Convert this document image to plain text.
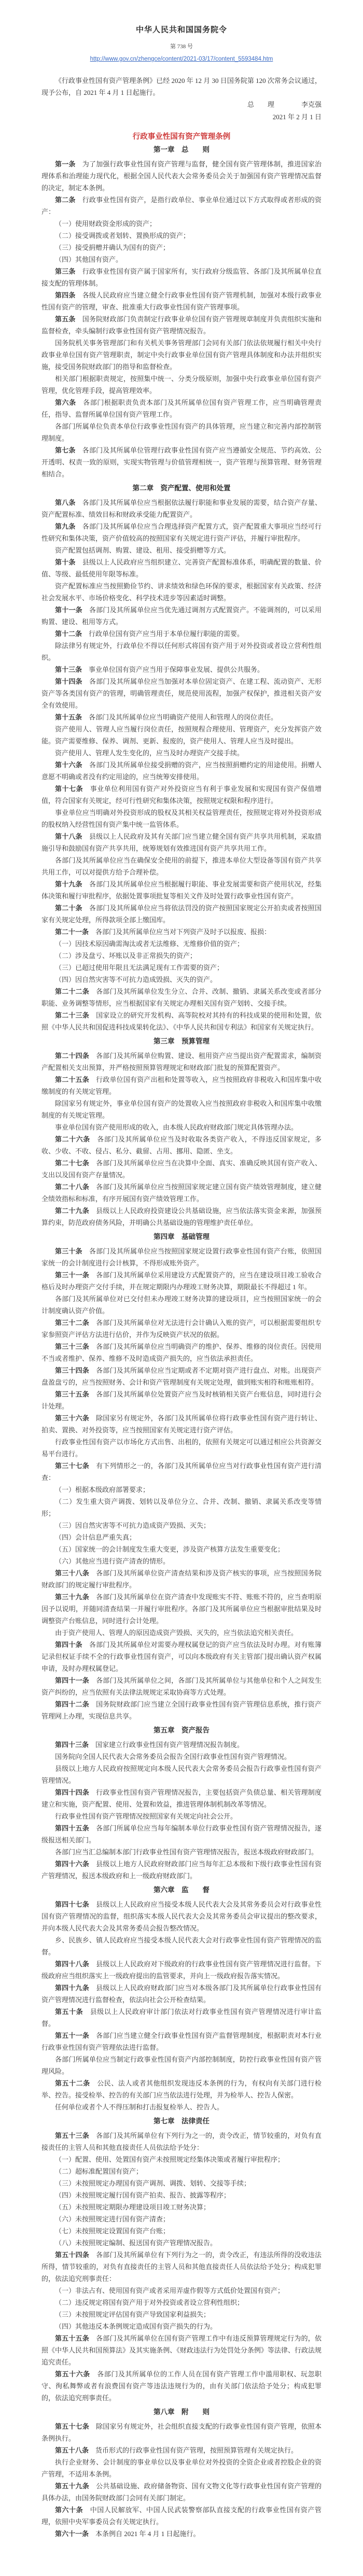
中华人民共和国国务院令
第 738 号
http://www.gov.cn/zhengce/content/2021-03/17/content_5593484.htm

《行政事业性国有资产管理条例》已经 2020 年 12 月 30 日国务院第 120 次常务会议通过，现予公布，自 2021 年 4 月 1 日起施行。

总　　理　　　　李克强

2021 年 2 月 1 日

行政事业性国有资产管理条例
第一章　总　　则

第一条　为了加强行政事业性国有资产管理与监督，健全国有资产管理体制，推进国家治理体系和治理能力现代化，根据全国人民代表大会常务委员会关于加强国有资产管理情况监督的决定，制定本条例。

第二条　行政事业性国有资产，是指行政单位、事业单位通过以下方式取得或者形成的资产：

（一）使用财政资金形成的资产；

（二）接受调拨或者划转、置换形成的资产；

（三）接受捐赠并确认为国有的资产；

（四）其他国有资产。

第三条　行政事业性国有资产属于国家所有，实行政府分级监管、各部门及其所属单位直接支配的管理体制。

第四条　各级人民政府应当建立健全行政事业性国有资产管理机制，加强对本级行政事业性国有资产的管理，审查、批准重大行政事业性国有资产管理事项。

第五条　国务院财政部门负责制定行政事业单位国有资产管理规章制度并负责组织实施和监督检查，牵头编制行政事业性国有资产管理情况报告。

国务院机关事务管理部门和有关机关事务管理部门会同有关部门依法依规履行相关中央行政事业单位国有资产管理职责，制定中央行政事业单位国有资产管理具体制度和办法并组织实施，接受国务院财政部门的指导和监督检查。

相关部门根据职责规定，按照集中统一、分类分级原则，加强中央行政事业单位国有资产管理，优化管理手段，提高管理效率。

第六条　各部门根据职责负责本部门及其所属单位国有资产管理工作，应当明确管理责任，指导、监督所属单位国有资产管理工作。

各部门所属单位负责本单位行政事业性国有资产的具体管理，应当建立和完善内部控制管理制度。

第七条　各部门及其所属单位管理行政事业性国有资产应当遵循安全规范、节约高效、公开透明、权责一致的原则，实现实物管理与价值管理相统一，资产管理与预算管理、财务管理相结合。

第二章　资产配置、使用和处置

第八条　各部门及其所属单位应当根据依法履行职能和事业发展的需要，结合资产存量、资产配置标准、绩效目标和财政承受能力配置资产。

第九条　各部门及其所属单位应当合理选择资产配置方式，资产配置重大事项应当经可行性研究和集体决策，资产价值较高的按照国家有关规定进行资产评估，并履行审批程序。

资产配置包括调剂、购置、建设、租用、接受捐赠等方式。

第十条　县级以上人民政府应当组织建立、完善资产配置标准体系，明确配置的数量、价值、等级、最低使用年限等标准。

资产配置标准应当按照勤俭节约、讲求绩效和绿色环保的要求，根据国家有关政策、经济社会发展水平、市场价格变化、科学技术进步等因素适时调整。

第十一条　各部门及其所属单位应当优先通过调剂方式配置资产。不能调剂的，可以采用购置、建设、租用等方式。

第十二条　行政单位国有资产应当用于本单位履行职能的需要。

除法律另有规定外，行政单位不得以任何形式将国有资产用于对外投资或者设立营利性组织。

第十三条　事业单位国有资产应当用于保障事业发展、提供公共服务。

第十四条　各部门及其所属单位应当加强对本单位固定资产、在建工程、流动资产、无形资产等各类国有资产的管理，明确管理责任，规范使用流程，加强产权保护，推进相关资产安全有效使用。

第十五条　各部门及其所属单位应当明确资产使用人和管理人的岗位责任。

资产使用人、管理人应当履行岗位责任，按照规程合理使用、管理资产，充分发挥资产效能。资产需要维修、保养、调剂、更新、报废的，资产使用人、管理人应当及时提出。

资产使用人、管理人发生变化的，应当及时办理资产交接手续。

第十六条　各部门及其所属单位接受捐赠的资产，应当按照捐赠约定的用途使用。捐赠人意愿不明确或者没有约定用途的，应当统筹安排使用。

第十七条　事业单位利用国有资产对外投资应当有利于事业发展和实现国有资产保值增值，符合国家有关规定，经可行性研究和集体决策，按照规定权限和程序进行。

事业单位应当明确对外投资形成的股权及其相关权益管理责任，按照规定将对外投资形成的股权纳入经营性国有资产集中统一监管体系。

第十八条　县级以上人民政府及其有关部门应当建立健全国有资产共享共用机制，采取措施引导和鼓励国有资产共享共用，统筹规划有效推进国有资产共享共用工作。

各部门及其所属单位应当在确保安全使用的前提下，推进本单位大型设备等国有资产共享共用工作，可以对提供方给予合理补偿。

第十九条　各部门及其所属单位应当根据履行职能、事业发展需要和资产使用状况，经集体决策和履行审批程序，依据处置事项批复等相关文件及时处置行政事业性国有资产。

第二十条　各部门及其所属单位应当将依法罚没的资产按照国家规定公开拍卖或者按照国家有关规定处理，所得款项全部上缴国库。

第二十一条　各部门及其所属单位应当对下列资产及时予以报废、报损：

（一）因技术原因确需淘汰或者无法维修、无维修价值的资产；

（二）涉及盘亏、坏账以及非正常损失的资产；

（三）已超过使用年限且无法满足现有工作需要的资产；

（四）因自然灾害等不可抗力造成毁损、灭失的资产。

第二十二条　各部门及其所属单位发生分立、合并、改制、撤销、隶属关系改变或者部分职能、业务调整等情形，应当根据国家有关规定办理相关国有资产划转、交接手续。

第二十三条　国家设立的研究开发机构、高等院校对其持有的科技成果的使用和处置，依照《中华人民共和国促进科技成果转化法》、《中华人民共和国专利法》和国家有关规定执行。

第三章　预算管理

第二十四条　各部门及其所属单位购置、建设、租用资产应当提出资产配置需求，编制资产配置相关支出预算，并严格按照预算管理规定和财政部门批复的预算配置资产。

第二十五条　行政单位国有资产出租和处置等收入，应当按照政府非税收入和国库集中收缴制度的有关规定管理。

除国家另有规定外，事业单位国有资产的处置收入应当按照政府非税收入和国库集中收缴制度的有关规定管理。

事业单位国有资产使用形成的收入，由本级人民政府财政部门规定具体管理办法。

第二十六条　各部门及其所属单位应当及时收取各类资产收入，不得违反国家规定，多收、少收、不收、侵占、私分、截留、占用、挪用、隐匿、坐支。

第二十七条　各部门及其所属单位应当在决算中全面、真实、准确反映其国有资产收入、支出以及国有资产存量情况。

第二十八条　各部门及其所属单位应当按照国家规定建立国有资产绩效管理制度，建立健全绩效指标和标准，有序开展国有资产绩效管理工作。

第二十九条　县级以上人民政府投资建设公共基础设施，应当依法落实资金来源，加强预算约束，防范政府债务风险，并明确公共基础设施的管理维护责任单位。

第四章　基础管理

第三十条　各部门及其所属单位应当按照国家规定设置行政事业性国有资产台账，依照国家统一的会计制度进行会计核算，不得形成账外资产。

第三十一条　各部门及其所属单位采用建设方式配置资产的，应当在建设项目竣工验收合格后及时办理资产交付手续，并在规定期限内办理竣工财务决算，期限最长不得超过 1 年。

各部门及其所属单位对已交付但未办理竣工财务决算的建设项目，应当按照国家统一的会计制度确认资产价值。

第三十二条　各部门及其所属单位对无法进行会计确认入账的资产，可以根据需要组织专家参照资产评估方法进行估价，并作为反映资产状况的依据。

第三十三条　各部门及其所属单位应当明确资产的维护、保养、维修的岗位责任。因使用不当或者维护、保养、维修不及时造成资产损失的，应当依法承担责任。

第三十四条　各部门及其所属单位应当定期或者不定期对资产进行盘点、对账。出现资产盘盈盘亏的，应当按照财务、会计和资产管理制度有关规定处理，做到账实相符和账账相符。

第三十五条　各部门及其所属单位处置资产应当及时核销相关资产台账信息，同时进行会计处理。

第三十六条　除国家另有规定外，各部门及其所属单位将行政事业性国有资产进行转让、拍卖、置换、对外投资等，应当按照国家有关规定进行资产评估。

行政事业性国有资产以市场化方式出售、出租的，依照有关规定可以通过相应公共资源交易平台进行。

第三十七条　有下列情形之一的，各部门及其所属单位应当对行政事业性国有资产进行清查：

（一）根据本级政府部署要求；

（二）发生重大资产调拨、划转以及单位分立、合并、改制、撤销、隶属关系改变等情形；

（三）因自然灾害等不可抗力造成资产毁损、灭失；

（四）会计信息严重失真；

（五）国家统一的会计制度发生重大变更，涉及资产核算方法发生重要变化；

（六）其他应当进行资产清查的情形。

第三十八条　各部门及其所属单位资产清查结果和涉及资产核实的事项，应当按照国务院财政部门的规定履行审批程序。

第三十九条　各部门及其所属单位在资产清查中发现账实不符、账账不符的，应当查明原因予以说明，并随同清查结果一并履行审批程序。各部门及其所属单位应当根据审批结果及时调整资产台账信息，同时进行会计处理。

由于资产使用人、管理人的原因造成资产毁损、灭失的，应当依法追究相关责任。

第四十条　各部门及其所属单位对需要办理权属登记的资产应当依法及时办理。对有账簿记录但权证手续不全的行政事业性国有资产，可以向本级政府有关主管部门提出确认资产权属申请，及时办理权属登记。

第四十一条　各部门及其所属单位之间，各部门及其所属单位与其他单位和个人之间发生资产纠纷的，应当依照有关法律法规规定采取协商等方式处理。

第四十二条　国务院财政部门应当建立全国行政事业性国有资产管理信息系统，推行资产管理网上办理，实现信息共享。

第五章　资产报告

第四十三条　国家建立行政事业性国有资产管理情况报告制度。

国务院向全国人民代表大会常务委员会报告全国行政事业性国有资产管理情况。

县级以上地方人民政府按照规定向本级人民代表大会常务委员会报告行政事业性国有资产管理情况。

第四十四条　行政事业性国有资产管理情况报告，主要包括资产负债总量、相关管理制度建立和实施，资产配置、使用、处置和效益，推进管理体制机制改革等情况。

行政事业性国有资产管理情况按照国家有关规定向社会公开。

第四十五条　各部门所属单位应当每年编制本单位行政事业性国有资产管理情况报告，逐级报送相关部门。

各部门应当汇总编制本部门行政事业性国有资产管理情况报告，报送本级政府财政部门。

第四十六条　县级以上地方人民政府财政部门应当每年汇总本级和下级行政事业性国有资产管理情况，报送本级政府和上一级政府财政部门。

第六章　监　　督

第四十七条　县级以上人民政府应当接受本级人民代表大会及其常务委员会对行政事业性国有资产管理情况的监督，组织落实本级人民代表大会及其常务委员会审议提出的整改要求，并向本级人民代表大会及其常务委员会报告整改情况。

乡、民族乡、镇人民政府应当接受本级人民代表大会对行政事业性国有资产管理情况的监督。

第四十八条　县级以上人民政府对下级政府的行政事业性国有资产管理情况进行监督。下级政府应当组织落实上一级政府提出的监管要求，并向上一级政府报告落实情况。

第四十九条　县级以上人民政府财政部门应当对本级各部门及其所属单位行政事业性国有资产管理情况进行监督检查，依法向社会公开检查结果。

第五十条　县级以上人民政府审计部门依法对行政事业性国有资产管理情况进行审计监督。

第五十一条　各部门应当建立健全行政事业性国有资产监督管理制度，根据职责对本行业行政事业性国有资产管理依法进行监督。

各部门所属单位应当制定行政事业性国有资产内部控制制度，防控行政事业性国有资产管理风险。

第五十二条　公民、法人或者其他组织发现违反本条例的行为，有权向有关部门进行检举、控告。接受检举、控告的有关部门应当依法进行处理，并为检举人、控告人保密。

任何单位或者个人不得压制和打击报复检举人、控告人。

第七章　法律责任

第五十三条　各部门及其所属单位有下列行为之一的，责令改正，情节较重的，对负有直接责任的主管人员和其他直接责任人员依法给予处分：

（一）配置、使用、处置国有资产未按照规定经集体决策或者履行审批程序；

（二）超标准配置国有资产；

（三）未按照规定办理国有资产调剂、调拨、划转、交接等手续；

（四）未按照规定履行国有资产拍卖、报告、披露等程序；

（五）未按照规定期限办理建设项目竣工财务决算；

（六）未按照规定进行国有资产清查；

（七）未按照规定设置国有资产台账；

（八）未按照规定编制、报送国有资产管理情况报告。

第五十四条　各部门及其所属单位有下列行为之一的，责令改正，有违法所得的没收违法所得，情节较重的，对负有直接责任的主管人员和其他直接责任人员依法给予处分；构成犯罪的，依法追究刑事责任：

（一）非法占有、使用国有资产或者采用弄虚作假等方式低价处置国有资产；

（二）违反规定将国有资产用于对外投资或者设立营利性组织；

（三）未按照规定评估国有资产导致国家利益损失；

（四）其他违反本条例规定造成国有资产损失的行为。

第五十五条　各部门及其所属单位在国有资产管理工作中有违反预算管理规定行为的，依照《中华人民共和国预算法》及其实施条例、《财政违法行为处罚处分条例》等法律、行政法规追究责任。

第五十六条　各部门及其所属单位的工作人员在国有资产管理工作中滥用职权、玩忽职守、徇私舞弊或者有浪费国有资产等违法违规行为的，由有关部门依法给予处分；构成犯罪的，依法追究刑事责任。

第八章　附　　则

第五十七条　除国家另有规定外，社会组织直接支配的行政事业性国有资产管理，依照本条例执行。

第五十八条　货币形式的行政事业性国有资产管理，按照预算管理有关规定执行。

执行企业财务、会计制度的事业单位以及事业单位对外投资的全资企业或者控股企业的资产管理，不适用本条例。

第五十九条　公共基础设施、政府储备物资、国有文物文化等行政事业性国有资产管理的具体办法，由国务院财政部门会同有关部门制定。

第六十条　中国人民解放军、中国人民武装警察部队直接支配的行政事业性国有资产管理，依照中央军事委员会有关规定执行。

第六十一条　本条例自 2021 年 4 月 1 日起施行。
